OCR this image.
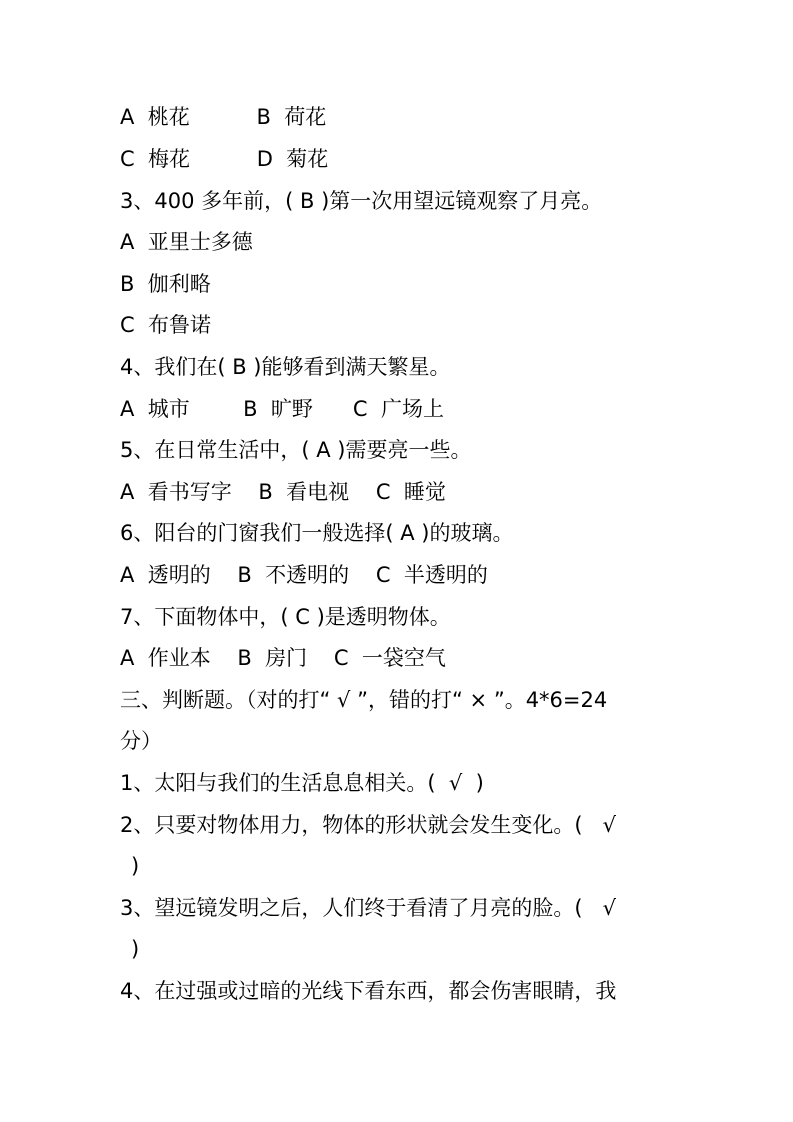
A  桃花          B  荷花
C  梅花          D  菊花
3、400 多年前，( B )第一次用望远镜观察了月亮。
A  亚里士多德
B  伽利略
C  布鲁诺
4、我们在( B )能够看到满天繁星。
A  城市        B  旷野      C  广场上
5、在日常生活中，( A )需要亮一些。
A  看书写字    B  看电视    C  睡觉
6、阳台的门窗我们一般选择( A )的玻璃。
A  透明的    B  不透明的    C  半透明的
7、下面物体中，( C )是透明物体。
A  作业本    B  房门    C  一袋空气
三、判断题。（对的打“ √ ”，错的打“ × ”。4*6=24
分）
1、太阳与我们的生活息息相关。(  √  )
2、只要对物体用力，物体的形状就会发生变化。(   √
)
3、望远镜发明之后，人们终于看清了月亮的脸。(   √
)
4、在过强或过暗的光线下看东西，都会伤害眼睛，我
